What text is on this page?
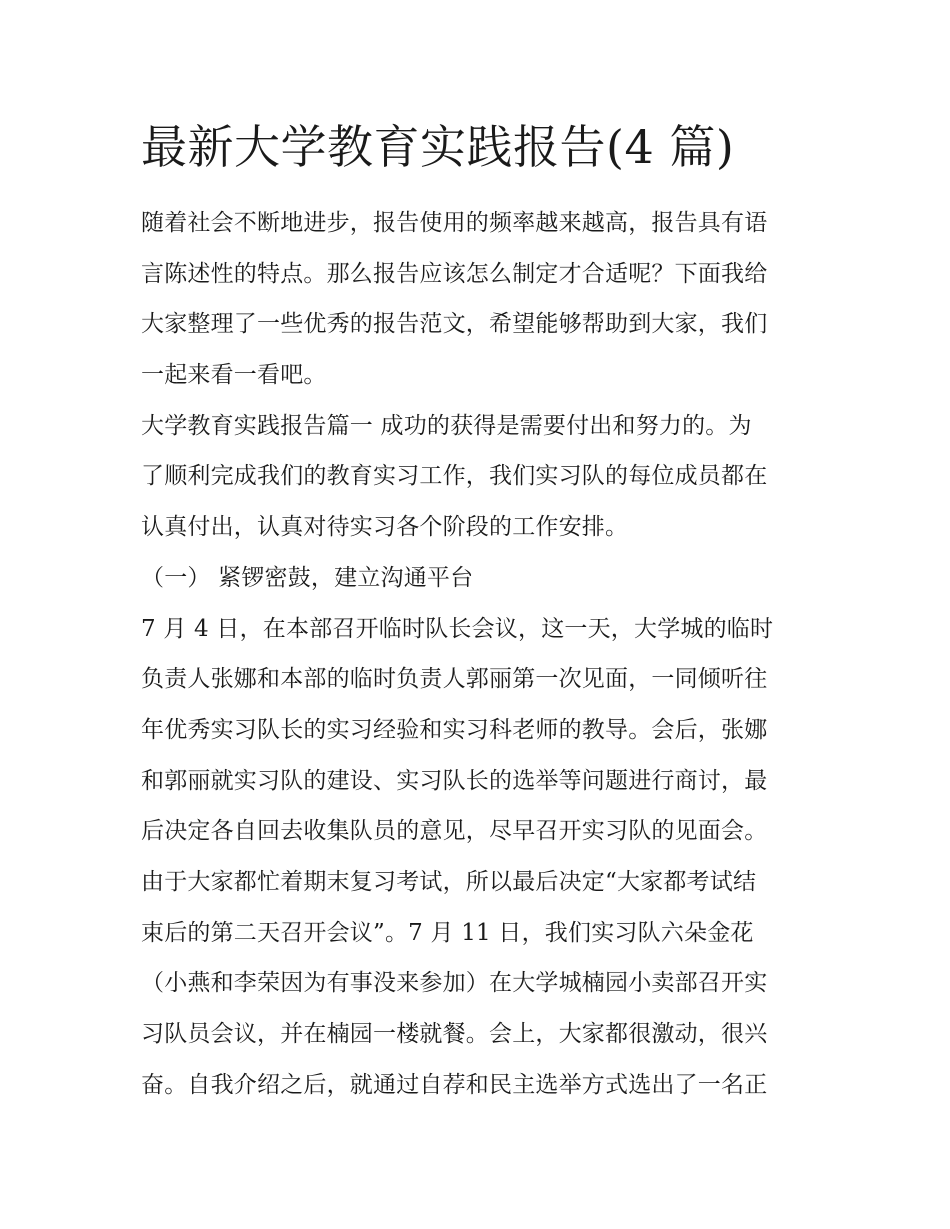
最新大学教育实践报告(4 篇)
随着社会不断地进步，报告使用的频率越来越高，报告具有语
言陈述性的特点。那么报告应该怎么制定才合适呢？下面我给
大家整理了一些优秀的报告范文，希望能够帮助到大家，我们
一起来看一看吧。
大学教育实践报告篇一 成功的获得是需要付出和努力的。为
了顺利完成我们的教育实习工作，我们实习队的每位成员都在
认真付出，认真对待实习各个阶段的工作安排。
（一） 紧锣密鼓，建立沟通平台
7 月 4 日，在本部召开临时队长会议，这一天，大学城的临时
负责人张娜和本部的临时负责人郭丽第一次见面，一同倾听往
年优秀实习队长的实习经验和实习科老师的教导。会后，张娜
和郭丽就实习队的建设、实习队长的选举等问题进行商讨，最
后决定各自回去收集队员的意见，尽早召开实习队的见面会。
由于大家都忙着期末复习考试，所以最后决定“大家都考试结
束后的第二天召开会议”。7 月 11 日，我们实习队六朵金花
（小燕和李荣因为有事没来参加）在大学城楠园小卖部召开实
习队员会议，并在楠园一楼就餐。会上，大家都很激动，很兴
奋。自我介绍之后，就通过自荐和民主选举方式选出了一名正
